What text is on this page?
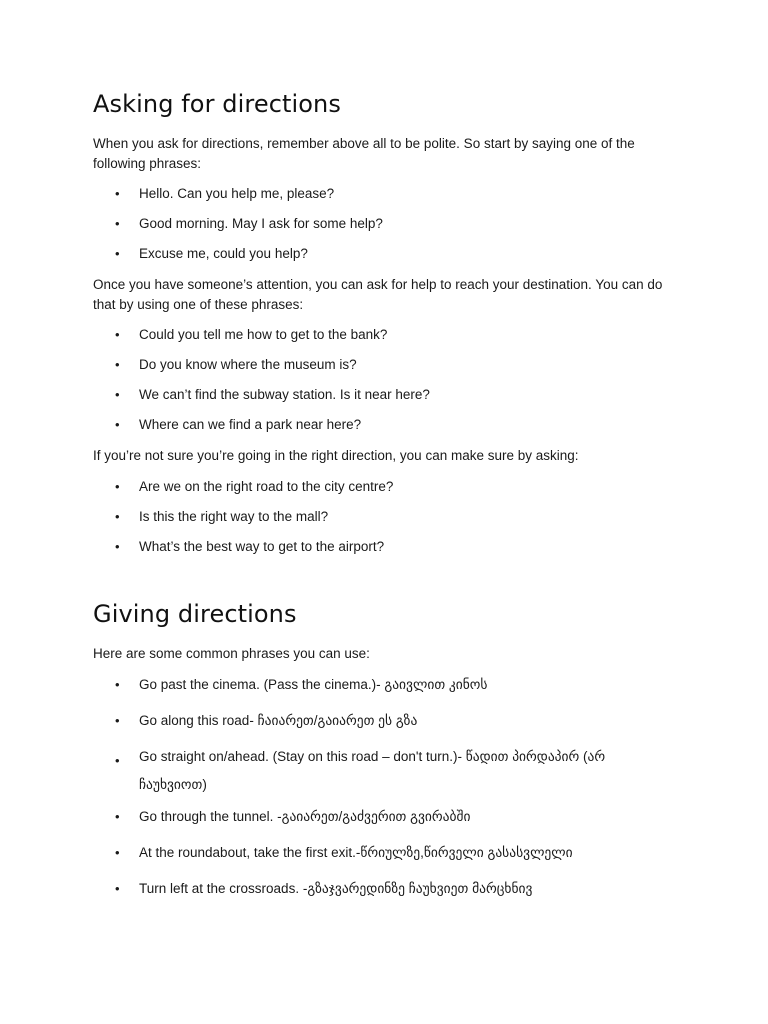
Asking for directions

When you ask for directions, remember above all to be polite. So start by saying one of the following phrases:

• Hello. Can you help me, please?
• Good morning. May I ask for some help?
• Excuse me, could you help?

Once you have someone’s attention, you can ask for help to reach your destination. You can do that by using one of these phrases:

• Could you tell me how to get to the bank?
• Do you know where the museum is?
• We can’t find the subway station. Is it near here?
• Where can we find a park near here?

If you’re not sure you’re going in the right direction, you can make sure by asking:

• Are we on the right road to the city centre?
• Is this the right way to the mall?
• What’s the best way to get to the airport?
Giving directions

Here are some common phrases you can use:

• Go past the cinema. (Pass the cinema.)- გაივლით კინოს
• Go along this road- ჩაიარეთ/გაიარეთ ეს გზა
• Go straight on/ahead. (Stay on this road – don't turn.)- წადით პირდაპირ (არ ჩაუხვიოთ)
• Go through the tunnel. -გაიარეთ/გაძვერით გვირაბში
• At the roundabout, take the first exit.-წრიულზე,წირველი გასასვლელი
• Turn left at the crossroads. -გზაჯვარედინზე ჩაუხვიეთ მარცხნივ
